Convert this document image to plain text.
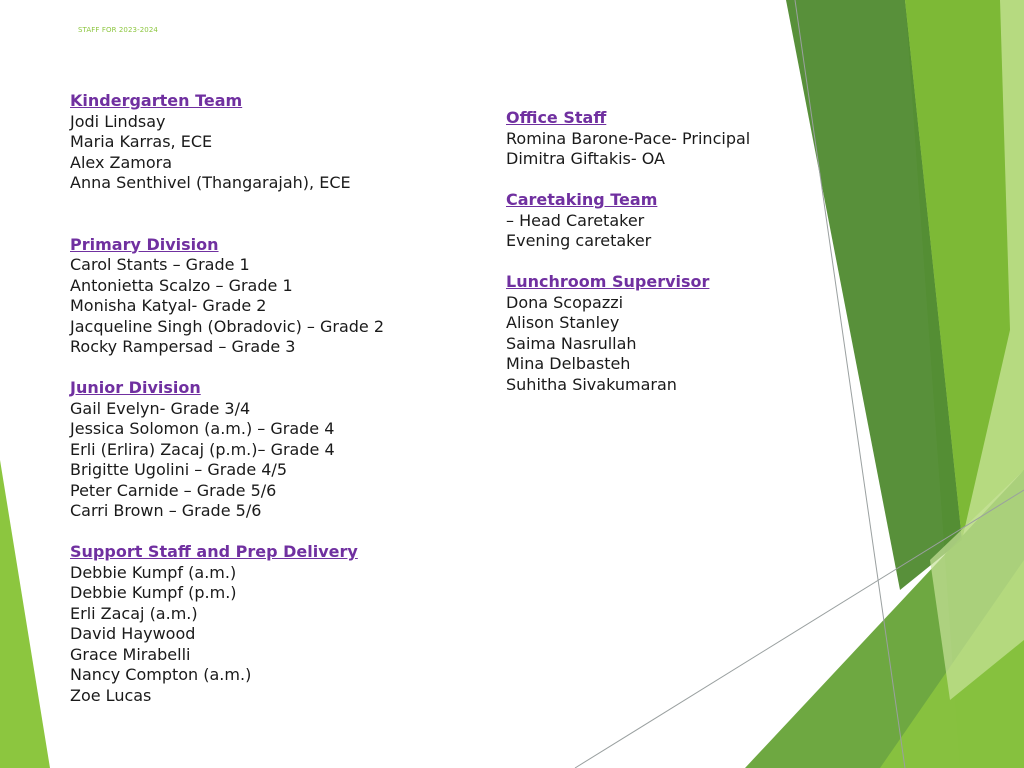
STAFF FOR 2023-2024
Kindergarten Team
Jodi Lindsay
Maria Karras, ECE
Alex Zamora
Anna Senthivel (Thangarajah), ECE
Primary Division
Carol Stants – Grade 1
Antonietta Scalzo – Grade 1
Monisha Katyal- Grade 2
Jacqueline Singh (Obradovic) – Grade 2
Rocky Rampersad – Grade 3
Junior Division
Gail Evelyn- Grade 3/4
Jessica Solomon (a.m.) – Grade 4
Erli (Erlira) Zacaj (p.m.)– Grade 4
Brigitte Ugolini – Grade 4/5
Peter Carnide – Grade 5/6
Carri Brown – Grade 5/6
Support Staff and Prep Delivery
Debbie Kumpf (a.m.)
Debbie Kumpf (p.m.)
Erli Zacaj (a.m.)
David Haywood
Grace Mirabelli
Nancy Compton (a.m.)
Zoe Lucas
Office Staff
Romina Barone-Pace- Principal
Dimitra Giftakis- OA
Caretaking Team
– Head Caretaker
Evening caretaker
Lunchroom Supervisor
Dona Scopazzi
Alison Stanley
Saima Nasrullah
Mina Delbasteh
Suhitha Sivakumaran
